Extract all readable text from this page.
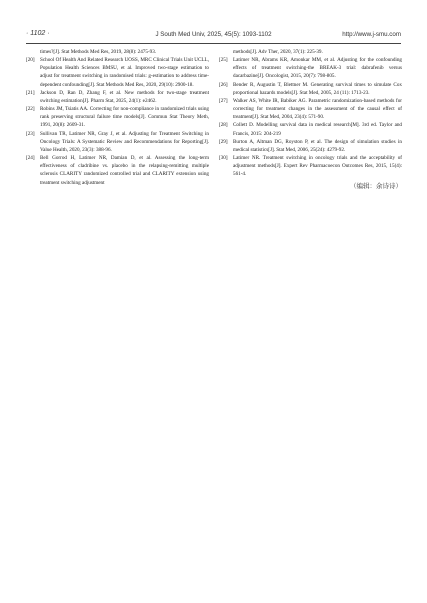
· 1102 ·	J South Med Univ, 2025, 45(5): 1093-1102	http://www.j-smu.com

times?[J]. Stat Methods Med Res, 2019, 28(8): 2475-93.

[20] School Of Health And Related Research UOSS, MRC Clinical Trials Unit UCLL, Population Health Sciences BMSU, et al. Improved two-stage estimation to adjust for treatment switching in randomised trials: g-estimation to address time-dependent confounding[J]. Stat Methods Med Res, 2020, 29(10): 2900-18.

[21] Jackson D, Ran D, Zhang F, et al. New methods for two-stage treatment switching estimation[J]. Pharm Stat, 2025, 24(1): e2462.

[22] Robins JM, Tsiatis AA. Correcting for non-compliance in randomized trials using rank preserving structural failure time models[J]. Commun Stat Theory Meth, 1991, 20(8): 2609-31.

[23] Sullivan TR, Latimer NR, Gray J, et al. Adjusting for Treatment Switching in Oncology Trials: A Systematic Review and Recommendations for Reporting[J]. Value Health, 2020, 23(3): 388-96.

[24] Bell Gorrod H, Latimer NR, Damian D, et al. Assessing the long-term effectiveness of cladribine vs. placebo in the relapsing-remitting multiple sclerosis CLARITY randomized controlled trial and CLARITY extension using treatment switching adjustment

methods[J]. Adv Ther, 2020, 37(1): 225-39.

[25] Latimer NR, Abrams KR, Amonkar MM, et al. Adjusting for the confounding effects of treatment switching-the BREAK-3 trial: dabrafenib versus dacarbazine[J]. Oncologist, 2015, 20(7): 798-805.

[26] Bender R, Augustin T, Blettner M. Generating survival times to simulate Cox proportional hazards models[J]. Stat Med, 2005, 24 (11): 1713-23.

[27] Walker AS, White IR, Babiker AG. Parametric randomization-based methods for correcting for treatment changes in the assessment of the causal effect of treatment[J]. Stat Med, 2004, 23(4): 571-90.

[28] Collett D. Modelling survival data in medical research[M]. 3rd ed. Taylor and Francis, 2015: 204-219

[29] Burton A, Altman DG, Royston P, et al. The design of simulation studies in medical statistics[J]. Stat Med, 2006, 25(24): 4279-92.

[30] Latimer NR. Treatment switching in oncology trials and the acceptability of adjustment methods[J]. Expert Rev Pharmacoecon Outcomes Res, 2015, 15(4): 561-4.

（编辑：余诗诗）
